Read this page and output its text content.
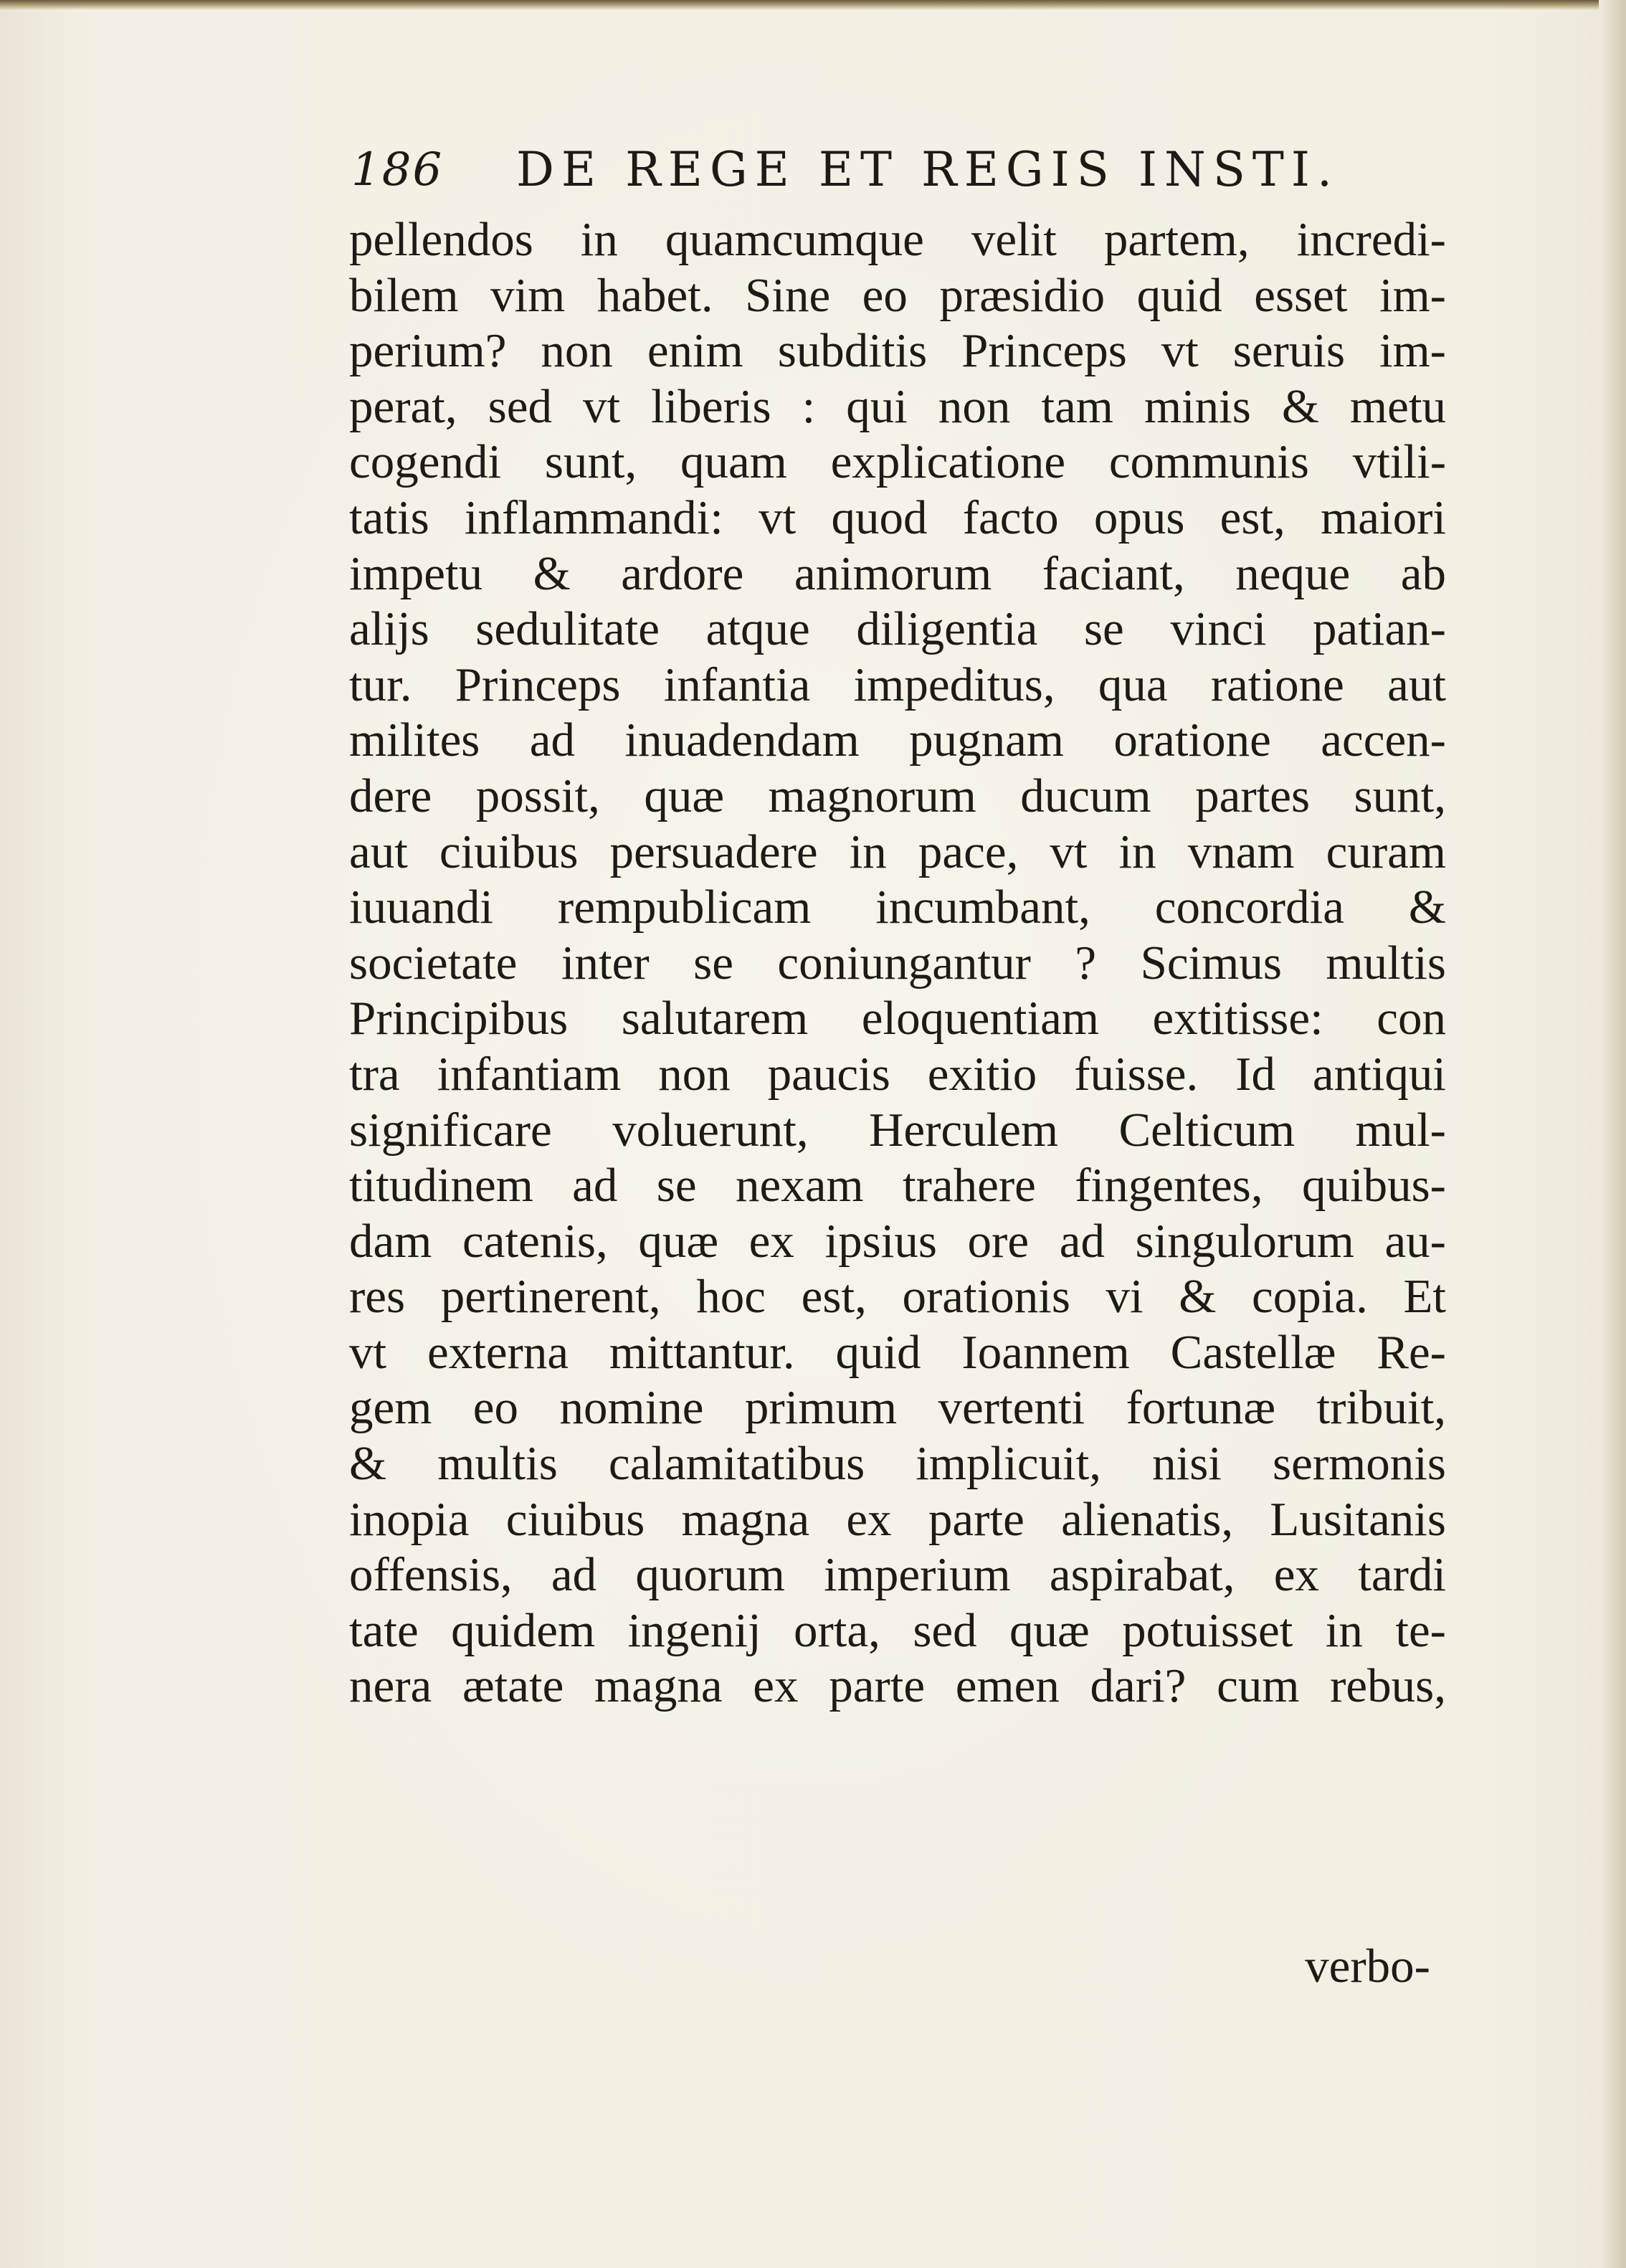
186 DE REGE ET REGIS INSTI.
pellendos in quamcumque velit partem, incredi-
bilem vim habet. Sine eo præsidio quid esset im-
perium? non enim subditis Princeps vt seruis im-
perat, sed vt liberis : qui non tam minis & metu
cogendi sunt, quam explicatione communis vtili-
tatis inflammandi: vt quod facto opus est, maiori
impetu & ardore animorum faciant, neque ab
alijs sedulitate atque diligentia se vinci patian-
tur. Princeps infantia impeditus, qua ratione aut
milites ad inuadendam pugnam oratione accen-
dere possit, quæ magnorum ducum partes sunt,
aut ciuibus persuadere in pace, vt in vnam curam
iuuandi rempublicam incumbant, concordia &
societate inter se coniungantur ? Scimus multis
Principibus salutarem eloquentiam extitisse: con
tra infantiam non paucis exitio fuisse. Id antiqui
significare voluerunt, Herculem Celticum mul-
titudinem ad se nexam trahere fingentes, quibus-
dam catenis, quæ ex ipsius ore ad singulorum au-
res pertinerent, hoc est, orationis vi & copia. Et
vt externa mittantur. quid Ioannem Castellæ Re-
gem eo nomine primum vertenti fortunæ tribuit,
& multis calamitatibus implicuit, nisi sermonis
inopia ciuibus magna ex parte alienatis, Lusitanis
offensis, ad quorum imperium aspirabat, ex tardi
tate quidem ingenij orta, sed quæ potuisset in te-
nera ætate magna ex parte emen dari? cum rebus,
verbo-
